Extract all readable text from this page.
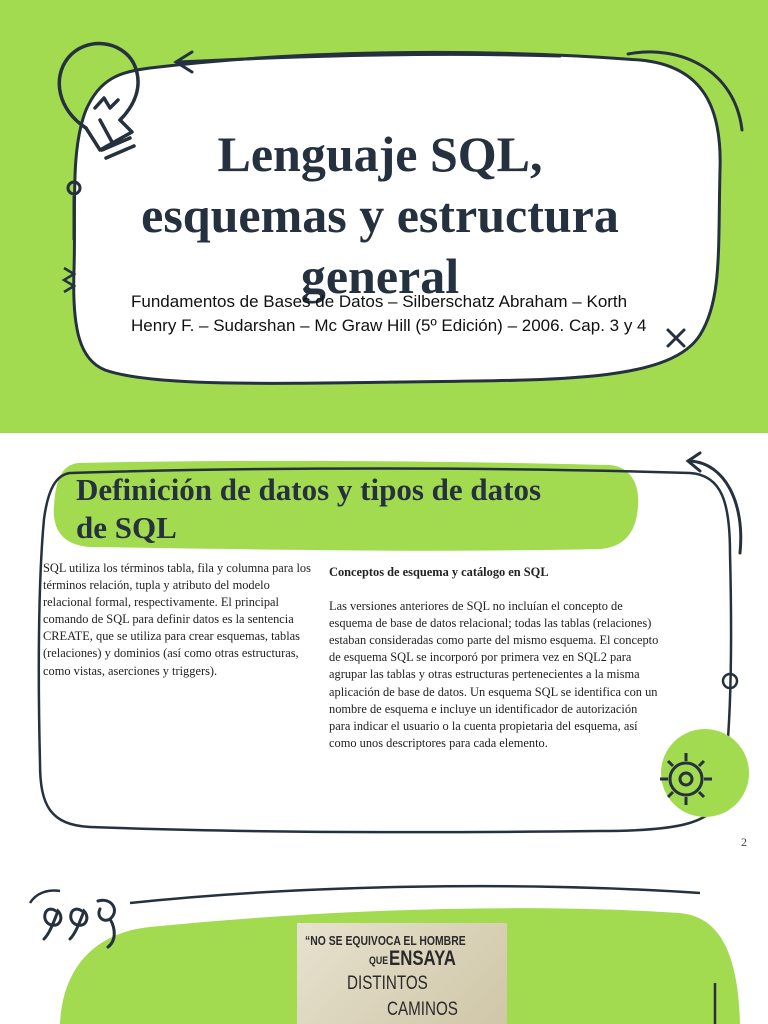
Lenguaje SQL, esquemas y estructura general

Fundamentos de Bases de Datos – Silberschatz Abraham – Korth Henry F. – Sudarshan – Mc Graw Hill (5º Edición) – 2006. Cap. 3 y 4

Definición de datos y tipos de datos de SQL

SQL utiliza los términos tabla, fila y columna para los términos relación, tupla y atributo del modelo relacional formal, respectivamente. El principal comando de SQL para definir datos es la sentencia CREATE, que se utiliza para crear esquemas, tablas (relaciones) y dominios (así como otras estructuras, como vistas, aserciones y triggers).

Conceptos de esquema y catálogo en SQL
Las versiones anteriores de SQL no incluían el concepto de esquema de base de datos relacional; todas las tablas (relaciones) estaban consideradas como parte del mismo esquema. El concepto de esquema SQL se incorporó por primera vez en SQL2 para agrupar las tablas y otras estructuras pertenecientes a la misma aplicación de base de datos. Un esquema SQL se identifica con un nombre de esquema e incluye un identificador de autorización para indicar el usuario o la cuenta propietaria del esquema, así como unos descriptores para cada elemento.
2
“NO SE EQUIVOCA EL HOMBRE
QUE ENSAYA
DISTINTOS
CAMINOS
